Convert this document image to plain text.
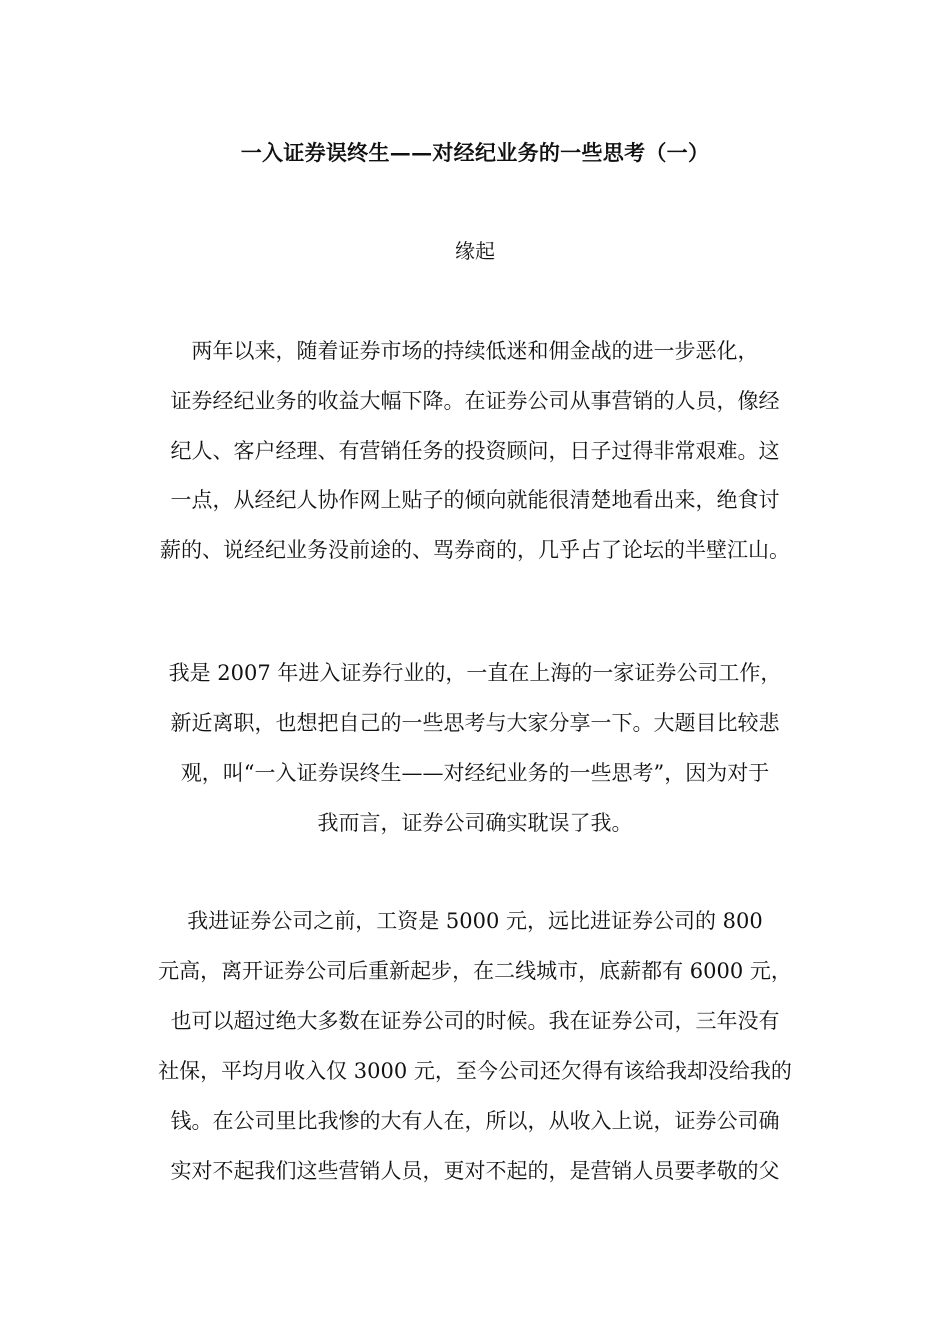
一入证券误终生——对经纪业务的一些思考（一）
缘起
两年以来，随着证券市场的持续低迷和佣金战的进一步恶化，
证券经纪业务的收益大幅下降。在证券公司从事营销的人员，像经
纪人、客户经理、有营销任务的投资顾问，日子过得非常艰难。这
一点，从经纪人协作网上贴子的倾向就能很清楚地看出来，绝食讨
薪的、说经纪业务没前途的、骂券商的，几乎占了论坛的半壁江山。
我是 2007 年进入证券行业的，一直在上海的一家证券公司工作，
新近离职，也想把自己的一些思考与大家分享一下。大题目比较悲
观，叫“一入证券误终生——对经纪业务的一些思考”，因为对于
我而言，证券公司确实耽误了我。
我进证券公司之前，工资是 5000 元，远比进证券公司的 800
元高，离开证券公司后重新起步，在二线城市，底薪都有 6000 元，
也可以超过绝大多数在证券公司的时候。我在证券公司，三年没有
社保，平均月收入仅 3000 元，至今公司还欠得有该给我却没给我的
钱。在公司里比我惨的大有人在，所以，从收入上说，证券公司确
实对不起我们这些营销人员，更对不起的，是营销人员要孝敬的父
